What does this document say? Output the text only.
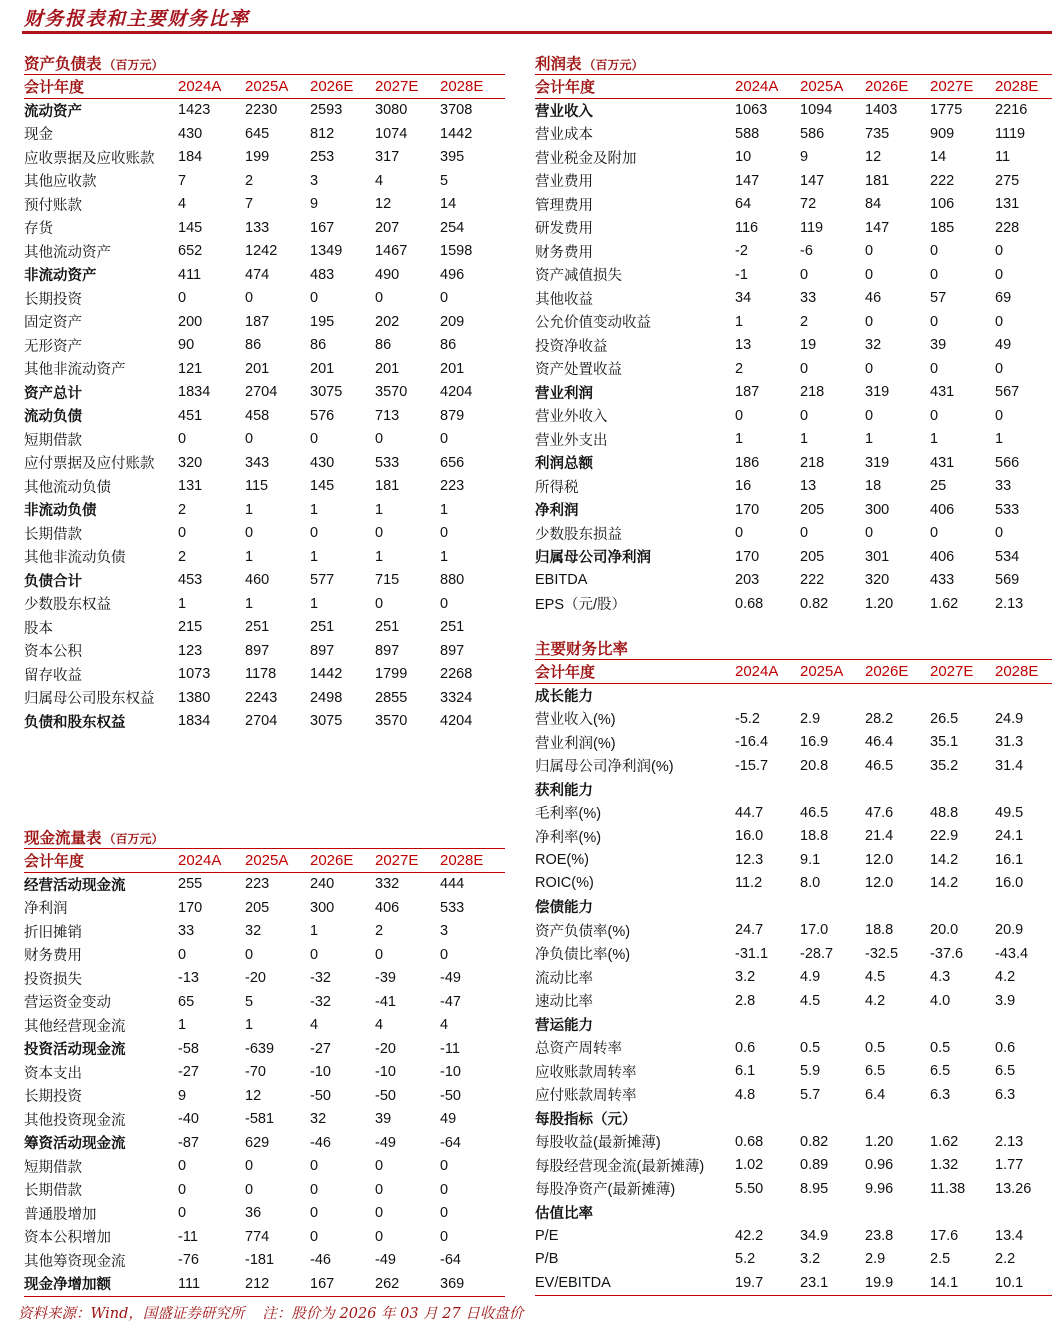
财务报表和主要财务比率
资产负债表 （百万元）
会计年度	2024A	2025A	2026E	2027E	2028E
流动资产	1423	2230	2593	3080	3708
现金	430	645	812	1074	1442
应收票据及应收账款	184	199	253	317	395
其他应收款	7	2	3	4	5
预付账款	4	7	9	12	14
存货	145	133	167	207	254
其他流动资产	652	1242	1349	1467	1598
非流动资产	411	474	483	490	496
长期投资	0	0	0	0	0
固定资产	200	187	195	202	209
无形资产	90	86	86	86	86
其他非流动资产	121	201	201	201	201
资产总计	1834	2704	3075	3570	4204
流动负债	451	458	576	713	879
短期借款	0	0	0	0	0
应付票据及应付账款	320	343	430	533	656
其他流动负债	131	115	145	181	223
非流动负债	2	1	1	1	1
长期借款	0	0	0	0	0
其他非流动负债	2	1	1	1	1
负债合计	453	460	577	715	880
少数股东权益	1	1	1	0	0
股本	215	251	251	251	251
资本公积	123	897	897	897	897
留存收益	1073	1178	1442	1799	2268
归属母公司股东权益	1380	2243	2498	2855	3324
负债和股东权益	1834	2704	3075	3570	4204
利润表 （百万元）
会计年度	2024A	2025A	2026E	2027E	2028E
营业收入	1063	1094	1403	1775	2216
营业成本	588	586	735	909	1119
营业税金及附加	10	9	12	14	11
营业费用	147	147	181	222	275
管理费用	64	72	84	106	131
研发费用	116	119	147	185	228
财务费用	-2	-6	0	0	0
资产减值损失	-1	0	0	0	0
其他收益	34	33	46	57	69
公允价值变动收益	1	2	0	0	0
投资净收益	13	19	32	39	49
资产处置收益	2	0	0	0	0
营业利润	187	218	319	431	567
营业外收入	0	0	0	0	0
营业外支出	1	1	1	1	1
利润总额	186	218	319	431	566
所得税	16	13	18	25	33
净利润	170	205	300	406	533
少数股东损益	0	0	0	0	0
归属母公司净利润	170	205	301	406	534
EBITDA	203	222	320	433	569
EPS（元/股）	0.68	0.82	1.20	1.62	2.13
现金流量表 （百万元）
会计年度	2024A	2025A	2026E	2027E	2028E
经营活动现金流	255	223	240	332	444
净利润	170	205	300	406	533
折旧摊销	33	32	1	2	3
财务费用	0	0	0	0	0
投资损失	-13	-20	-32	-39	-49
营运资金变动	65	5	-32	-41	-47
其他经营现金流	1	1	4	4	4
投资活动现金流	-58	-639	-27	-20	-11
资本支出	-27	-70	-10	-10	-10
长期投资	9	12	-50	-50	-50
其他投资现金流	-40	-581	32	39	49
筹资活动现金流	-87	629	-46	-49	-64
短期借款	0	0	0	0	0
长期借款	0	0	0	0	0
普通股增加	0	36	0	0	0
资本公积增加	-11	774	0	0	0
其他筹资现金流	-76	-181	-46	-49	-64
现金净增加额	111	212	167	262	369
主要财务比率
会计年度	2024A	2025A	2026E	2027E	2028E
成长能力
营业收入(%)	-5.2	2.9	28.2	26.5	24.9
营业利润(%)	-16.4	16.9	46.4	35.1	31.3
归属母公司净利润(%)	-15.7	20.8	46.5	35.2	31.4
获利能力
毛利率(%)	44.7	46.5	47.6	48.8	49.5
净利率(%)	16.0	18.8	21.4	22.9	24.1
ROE(%)	12.3	9.1	12.0	14.2	16.1
ROIC(%)	11.2	8.0	12.0	14.2	16.0
偿债能力
资产负债率(%)	24.7	17.0	18.8	20.0	20.9
净负债比率(%)	-31.1	-28.7	-32.5	-37.6	-43.4
流动比率	3.2	4.9	4.5	4.3	4.2
速动比率	2.8	4.5	4.2	4.0	3.9
营运能力
总资产周转率	0.6	0.5	0.5	0.5	0.6
应收账款周转率	6.1	5.9	6.5	6.5	6.5
应付账款周转率	4.8	5.7	6.4	6.3	6.3
每股指标（元）
每股收益(最新摊薄)	0.68	0.82	1.20	1.62	2.13
每股经营现金流(最新摊薄)	1.02	0.89	0.96	1.32	1.77
每股净资产(最新摊薄)	5.50	8.95	9.96	11.38	13.26
估值比率
P/E	42.2	34.9	23.8	17.6	13.4
P/B	5.2	3.2	2.9	2.5	2.2
EV/EBITDA	19.7	23.1	19.9	14.1	10.1
资料来源：Wind，国盛证券研究所 注：股价为 2026 年 03 月 27 日收盘价
